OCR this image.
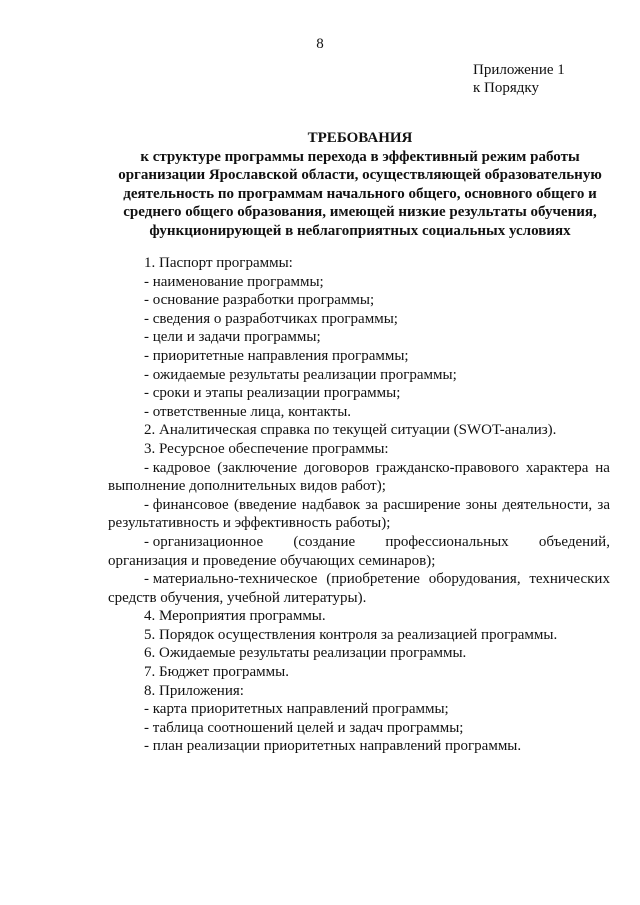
8
Приложение 1
к Порядку
ТРЕБОВАНИЯ
к структуре программы перехода в эффективный режим работы
организации Ярославской области, осуществляющей образовательную
деятельность по программам начального общего, основного общего и
среднего общего образования, имеющей низкие результаты обучения,
функционирующей в неблагоприятных социальных условиях
1. Паспорт программы:
- наименование программы;
- основание разработки программы;
- сведения о разработчиках программы;
- цели и задачи программы;
- приоритетные направления программы;
- ожидаемые результаты реализации программы;
- сроки и этапы реализации программы;
- ответственные лица, контакты.
2. Аналитическая справка по текущей ситуации (SWOT-анализ).
3. Ресурсное обеспечение программы:
- кадровое (заключение договоров гражданско-правового характера на
выполнение дополнительных видов работ);
- финансовое (введение надбавок за расширение зоны деятельности, за
результативность и эффективность работы);
- организационное (создание профессиональных объедений,
организация и проведение обучающих семинаров);
- материально-техническое (приобретение оборудования, технических
средств обучения, учебной литературы).
4. Мероприятия программы.
5. Порядок осуществления контроля за реализацией программы.
6. Ожидаемые результаты реализации программы.
7. Бюджет программы.
8. Приложения:
- карта приоритетных направлений программы;
- таблица соотношений целей и задач программы;
- план реализации приоритетных направлений программы.
